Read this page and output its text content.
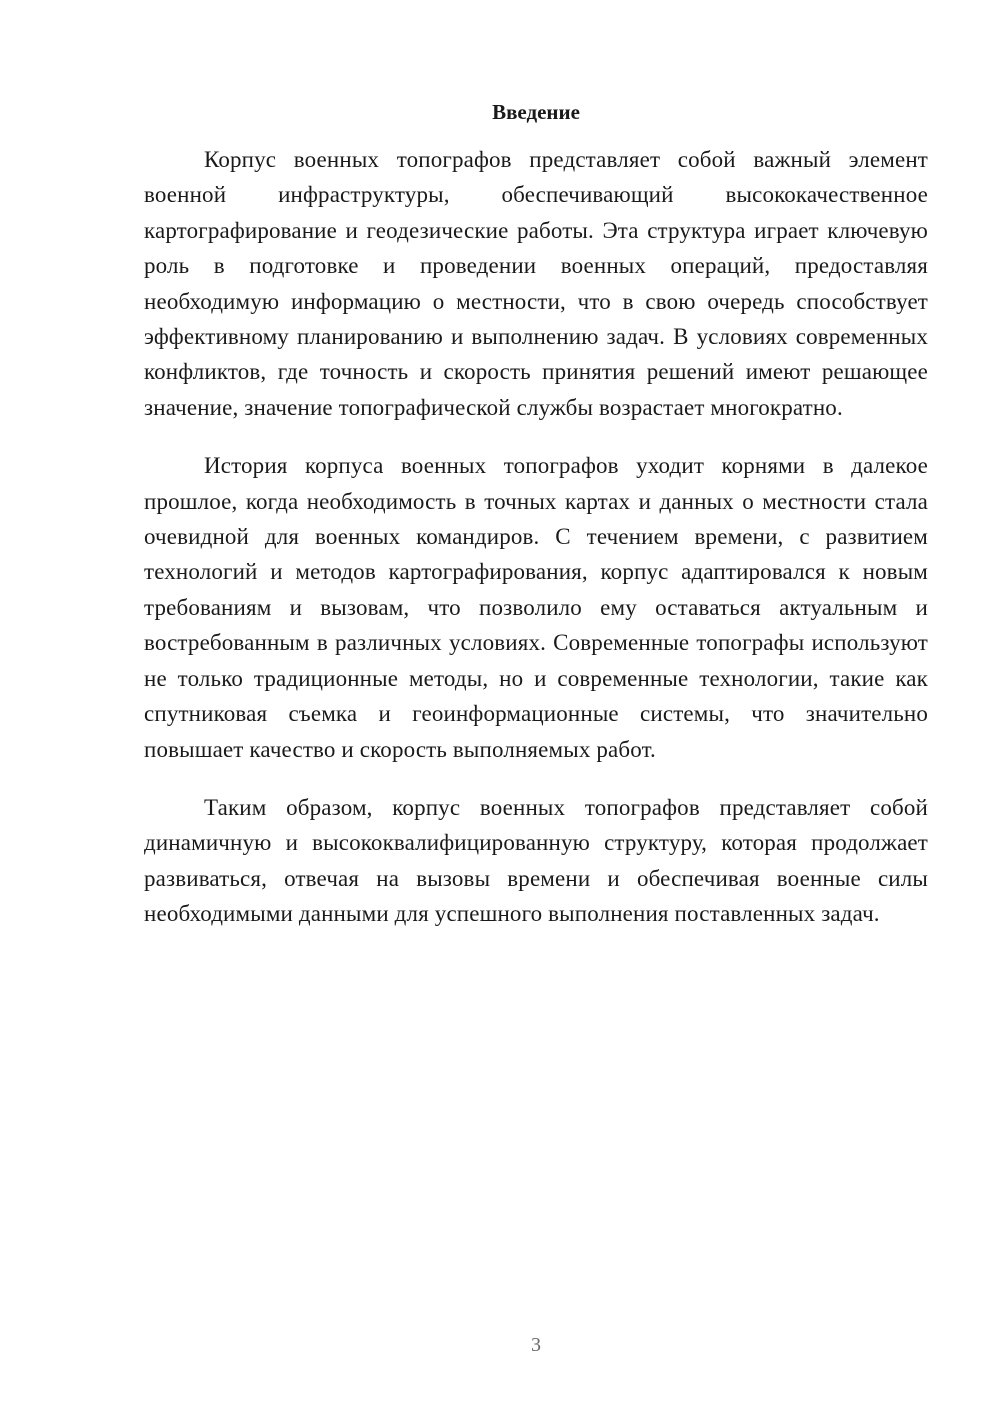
Введение

Корпус военных топографов представляет собой важный элемент военной инфраструктуры, обеспечивающий высококачественное картографирование и геодезические работы. Эта структура играет ключевую роль в подготовке и проведении военных операций, предоставляя необходимую информацию о местности, что в свою очередь способствует эффективному планированию и выполнению задач. В условиях современных конфликтов, где точность и скорость принятия решений имеют решающее значение, значение топографической службы возрастает многократно.

История корпуса военных топографов уходит корнями в далекое прошлое, когда необходимость в точных картах и данных о местности стала очевидной для военных командиров. С течением времени, с развитием технологий и методов картографирования, корпус адаптировался к новым требованиям и вызовам, что позволило ему оставаться актуальным и востребованным в различных условиях. Современные топографы используют не только традиционные методы, но и современные технологии, такие как спутниковая съемка и геоинформационные системы, что значительно повышает качество и скорость выполняемых работ.

Таким образом, корпус военных топографов представляет собой динамичную и высококвалифицированную структуру, которая продолжает развиваться, отвечая на вызовы времени и обеспечивая военные силы необходимыми данными для успешного выполнения поставленных задач.

3
